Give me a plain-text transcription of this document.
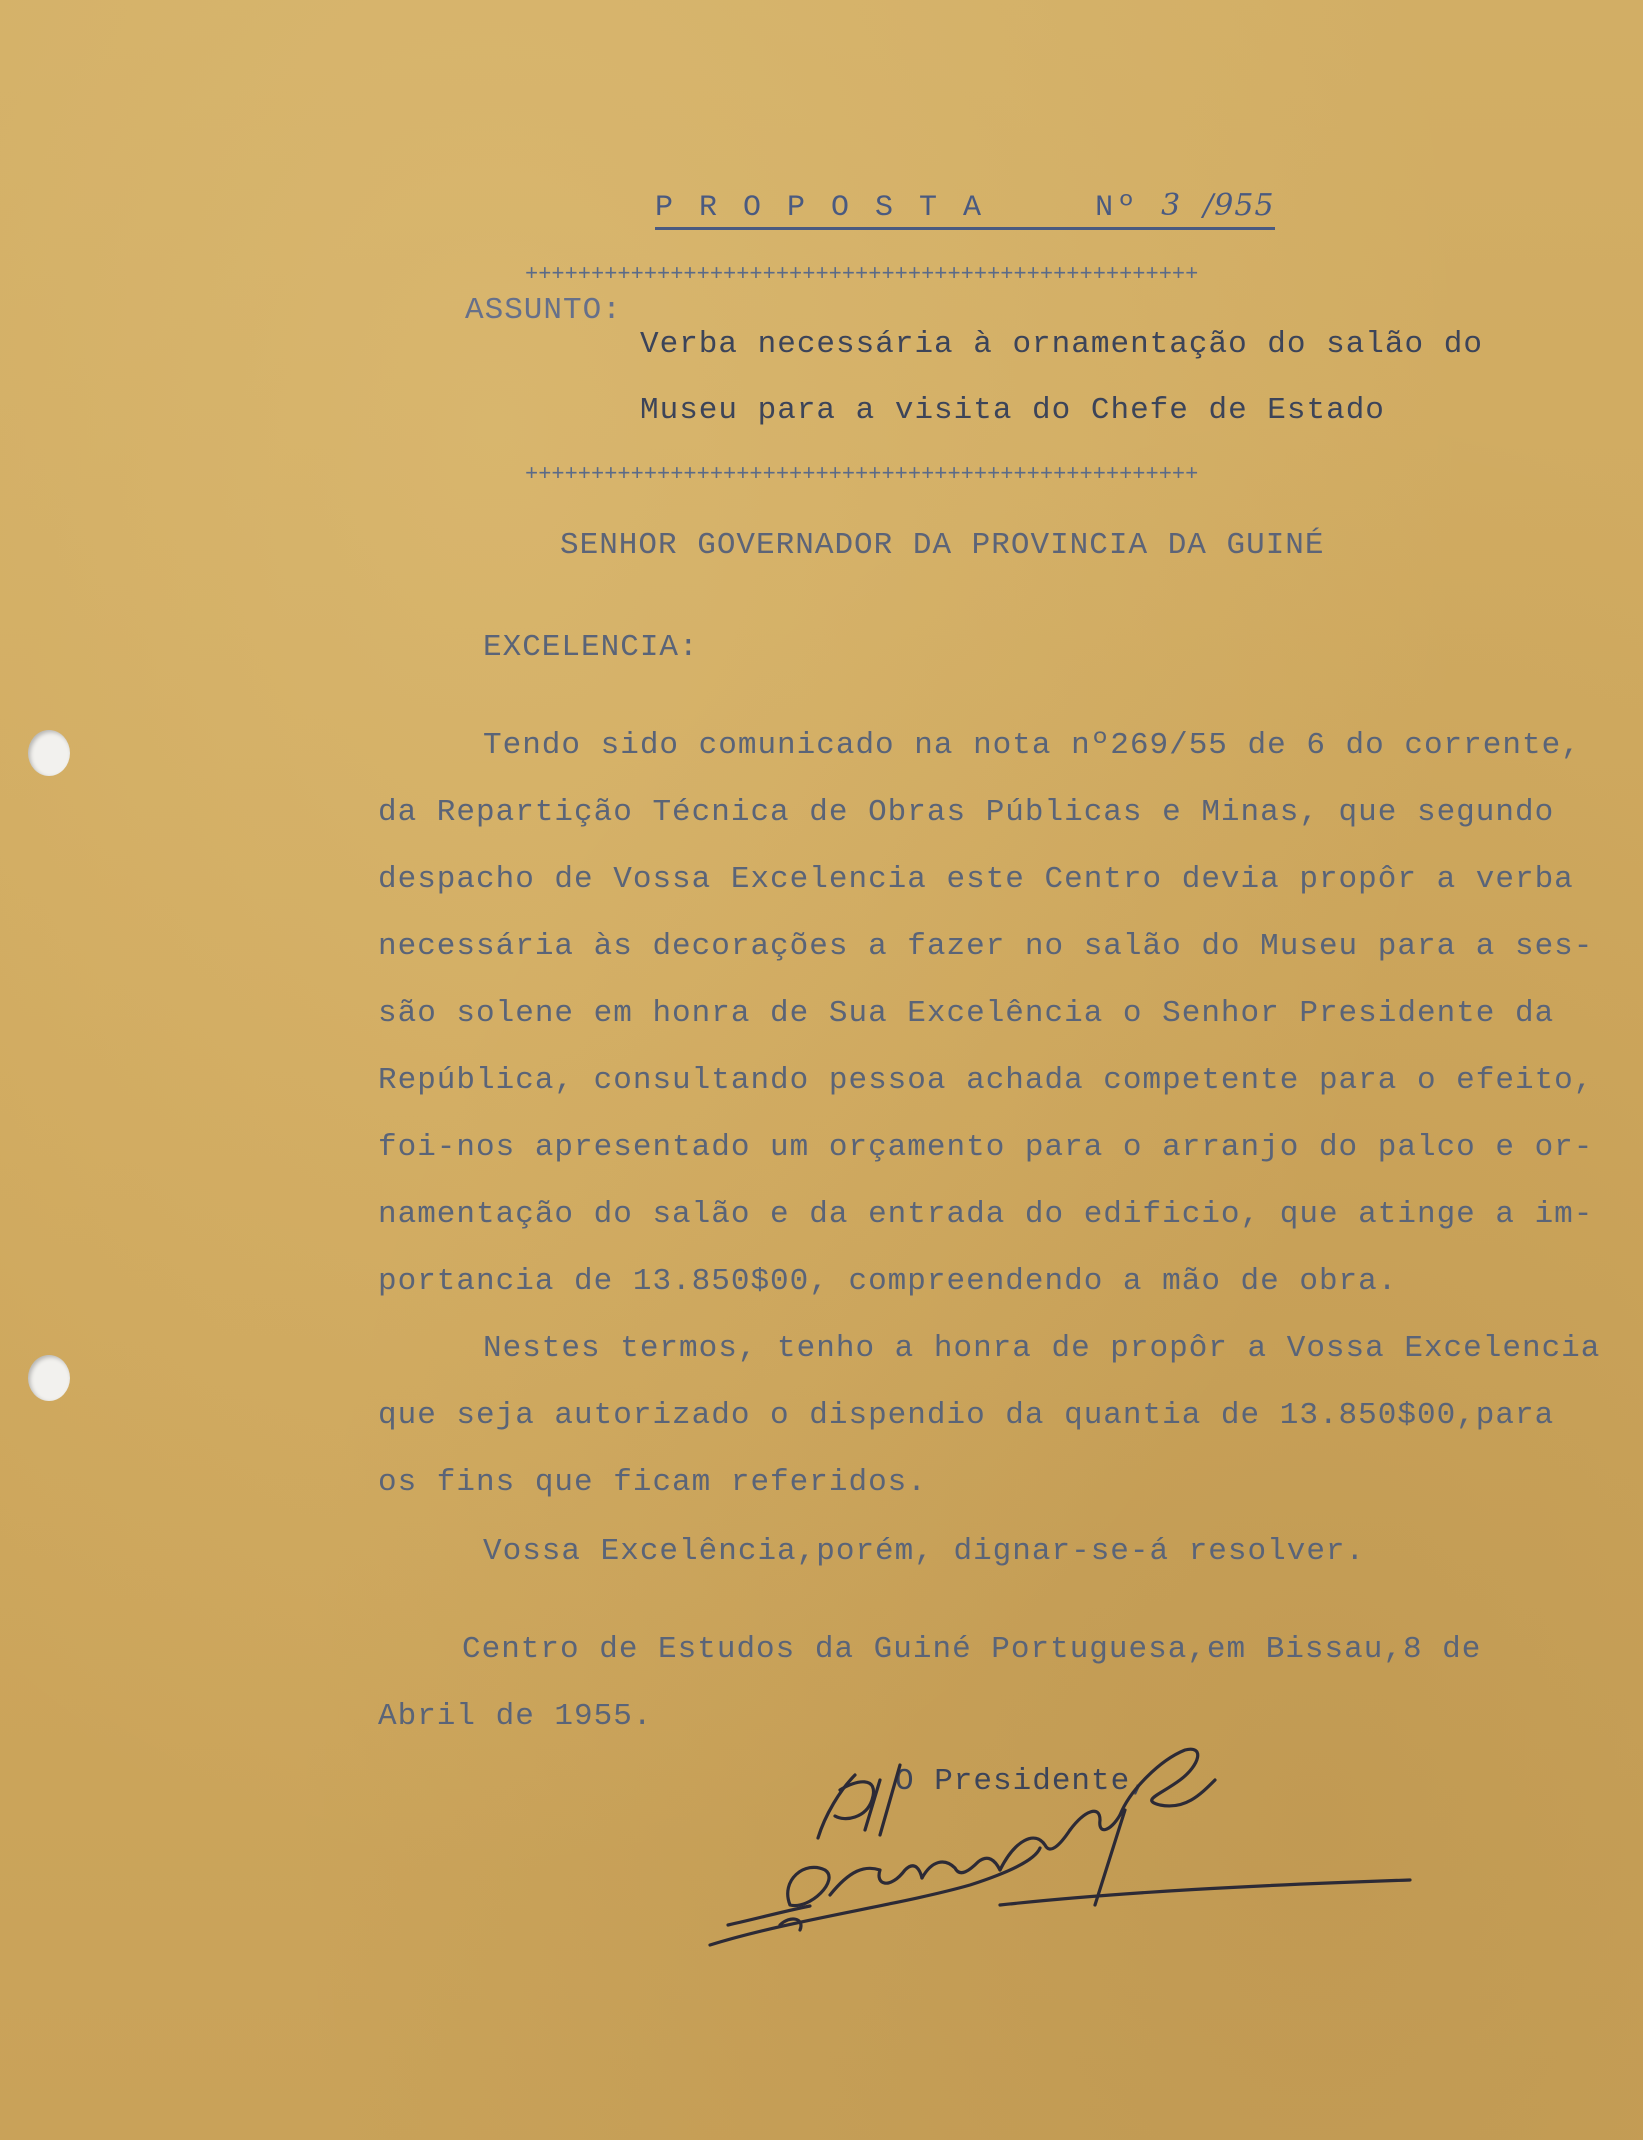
P R O P O S T A	Nº 3 /955
+++++++++++++++++++++++++++++++++++++++++++++++++++
ASSUNTO:
Verba necessária à ornamentação do salão do
Museu para a visita do Chefe de Estado
+++++++++++++++++++++++++++++++++++++++++++++++++++
SENHOR GOVERNADOR DA PROVINCIA DA GUINÉ
EXCELENCIA:
Tendo sido comunicado na nota nº269/55 de 6 do corrente,
da Repartição Técnica de Obras Públicas e Minas, que segundo
despacho de Vossa Excelencia este Centro devia propôr a verba
necessária às decorações a fazer no salão do Museu para a ses-
são solene em honra de Sua Excelência o Senhor Presidente da
República, consultando pessoa achada competente para o efeito,
foi-nos apresentado um orçamento para o arranjo do palco e or-
namentação do salão e da entrada do edificio, que atinge a im-
portancia de 13.850$00, compreendendo a mão de obra.
Nestes termos, tenho a honra de propôr a Vossa Excelencia
que seja autorizado o dispendio da quantia de 13.850$00,para
os fins que ficam referidos.
Vossa Excelência,porém, dignar-se-á resolver.
Centro de Estudos da Guiné Portuguesa,em Bissau,8 de
Abril de 1955.
O Presidente,
